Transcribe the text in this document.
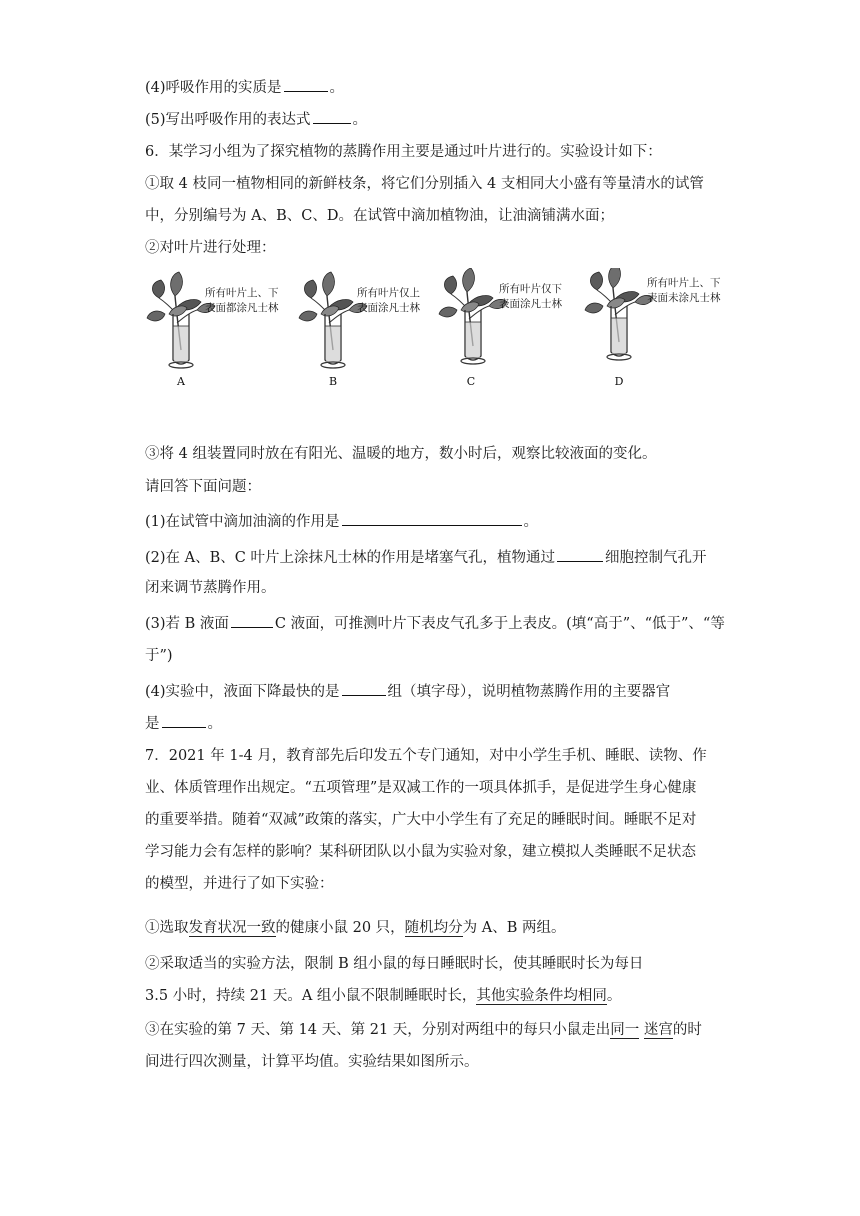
(4)呼吸作用的实质是	。
(5)写出呼吸作用的表达式	。
6．某学习小组为了探究植物的蒸腾作用主要是通过叶片进行的。实验设计如下：
①取 4 枝同一植物相同的新鲜枝条，将它们分别插入 4 支相同大小盛有等量清水的试管
中，分别编号为 A、B、C、D。在试管中滴加植物油，让油滴铺满水面；
②对叶片进行处理：
所有叶片上、下
表面都涂凡士林
A
所有叶片仅上
表面涂凡士林
B
所有叶片仅下
表面涂凡士林
C
所有叶片上、下
表面未涂凡士林
D
③将 4 组装置同时放在有阳光、温暖的地方，数小时后，观察比较液面的变化。
请回答下面问题：
(1)在试管中滴加油滴的作用是	。
(2)在 A、B、C 叶片上涂抹凡士林的作用是堵塞气孔，植物通过	细胞控制气孔开
闭来调节蒸腾作用。
(3)若 B 液面	C 液面，可推测叶片下表皮气孔多于上表皮。(填“高于”、“低于”、“等
于”)
(4)实验中，液面下降最快的是	组（填字母），说明植物蒸腾作用的主要器官
是	。
7．2021 年 1-4 月，教育部先后印发五个专门通知，对中小学生手机、睡眠、读物、作
业、体质管理作出规定。“五项管理”是双减工作的一项具体抓手，是促进学生身心健康
的重要举措。随着“双减”政策的落实，广大中小学生有了充足的睡眠时间。睡眠不足对
学习能力会有怎样的影响？某科研团队以小鼠为实验对象，建立模拟人类睡眠不足状态
的模型，并进行了如下实验：
①选取发育状况一致的健康小鼠 20 只，随机均分为 A、B 两组。
②采取适当的实验方法，限制 B 组小鼠的每日睡眠时长，使其睡眠时长为每日
3.5 小时，持续 21 天。A 组小鼠不限制睡眠时长，其他实验条件均相同。
③在实验的第 7 天、第 14 天、第 21 天，分别对两组中的每只小鼠走出同一 迷宫的时
间进行四次测量，计算平均值。实验结果如图所示。
